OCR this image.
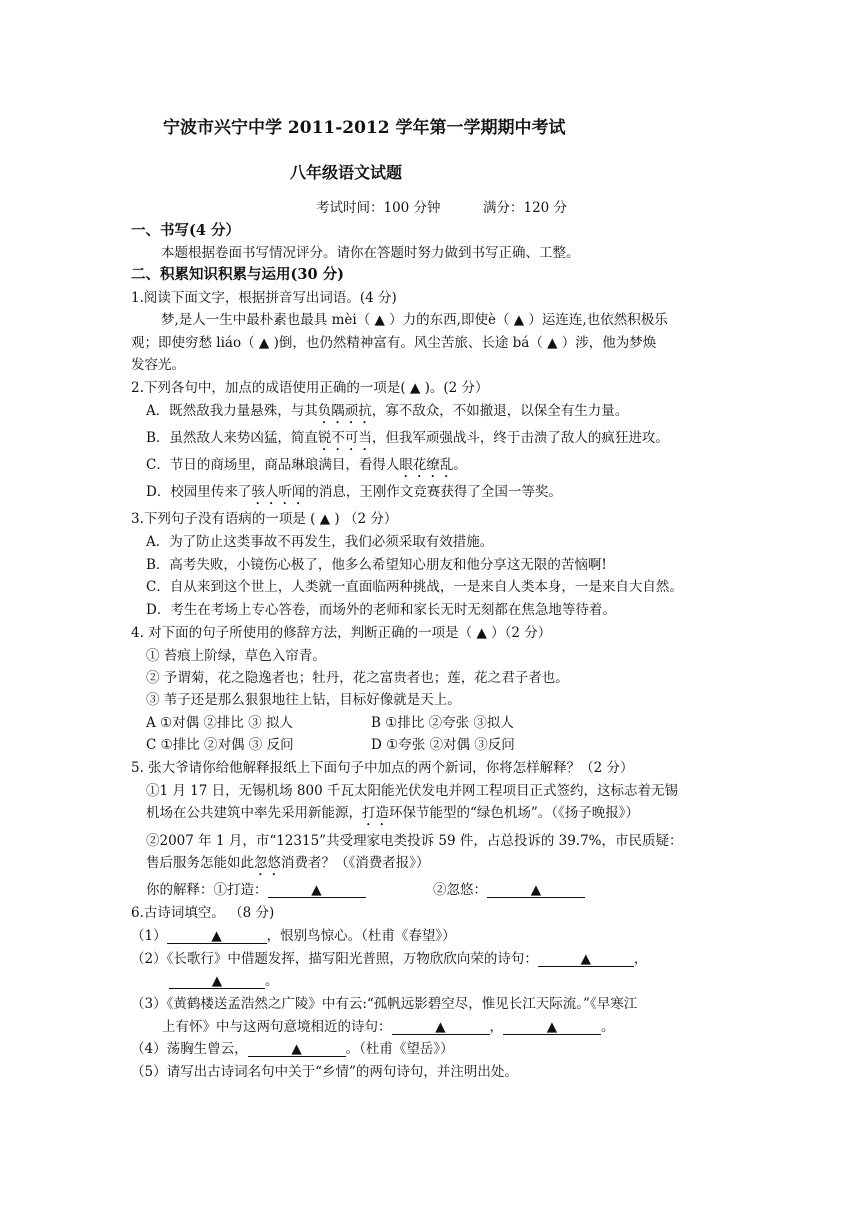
宁波市兴宁中学 2011-2012 学年第一学期期中考试
八年级语文试题
考试时间：100 分钟	满分：120 分
一、书写(4 分）
本题根据卷面书写情况评分。请你在答题时努力做到书写正确、工整。
二、积累知识积累与运用(30 分)
1.阅读下面文字，根据拼音写出词语。(4 分)
梦,是人一生中最朴素也最具 mèi（ ▲ ）力的东西,即使è（ ▲ ）运连连,也依然积极乐
观；即使穷愁 liáo（ ▲ )倒，也仍然精神富有。风尘苦旅、长途 bá（ ▲ ）涉，他为梦焕
发容光。
2.下列各句中，加点的成语使用正确的一项是( ▲ )。(2 分）
A．既然敌我力量悬殊，与其负隅顽抗，寡不敌众，不如撤退，以保全有生力量。
B．虽然敌人来势凶猛，简直锐不可当，但我军顽强战斗，终于击溃了敌人的疯狂进攻。
C．节日的商场里，商品琳琅满目，看得人眼花缭乱。
D．校园里传来了骇人听闻的消息，王刚作文竞赛获得了全国一等奖。
3.下列句子没有语病的一项是 ( ▲ ) （2 分）
A．为了防止这类事故不再发生，我们必须采取有效措施。
B．高考失败，小镜伤心极了，他多么希望知心朋友和他分享这无限的苦恼啊!
C．自从来到这个世上，人类就一直面临两种挑战，一是来自人类本身，一是来自大自然。
D．考生在考场上专心答卷，而场外的老师和家长无时无刻都在焦急地等待着。
4. 对下面的句子所使用的修辞方法，判断正确的一项是（ ▲ ）（2 分）
① 苔痕上阶绿，草色入帘青。
② 予谓菊，花之隐逸者也；牡丹，花之富贵者也；莲，花之君子者也。
③ 苇子还是那么狠狠地往上钻，目标好像就是天上。
A ①对偶 ②排比 ③ 拟人	B ①排比 ②夸张 ③拟人
C ①排比 ②对偶 ③ 反问	D ①夸张 ②对偶 ③反问
5. 张大爷请你给他解释报纸上下面句子中加点的两个新词，你将怎样解释？（2 分）
①1 月 17 日，无锡机场 800 千瓦太阳能光伏发电并网工程项目正式签约，这标志着无锡
机场在公共建筑中率先采用新能源，打造环保节能型的“绿色机场”。（《扬子晚报》）
②2007 年 1 月，市“12315”共受理家电类投诉 59 件，占总投诉的 39.7%，市民质疑：
售后服务怎能如此忽悠消费者？（《消费者报》）
你的解释：①打造：	▲	②忽悠：	▲
6.古诗词填空。 （8 分)
（1）	▲	，恨别鸟惊心。（杜甫《春望》）
（2）《长歌行》中借题发挥，描写阳光普照，万物欣欣向荣的诗句：	▲	，
▲	。
（3）《黄鹤楼送孟浩然之广陵》中有云:“孤帆远影碧空尽，惟见长江天际流。”《早寒江
上有怀》中与这两句意境相近的诗句：	▲	，	▲	。
（4）荡胸生曾云，	▲	。（杜甫《望岳》）
（5）请写出古诗词名句中关于“乡情”的两句诗句，并注明出处。
